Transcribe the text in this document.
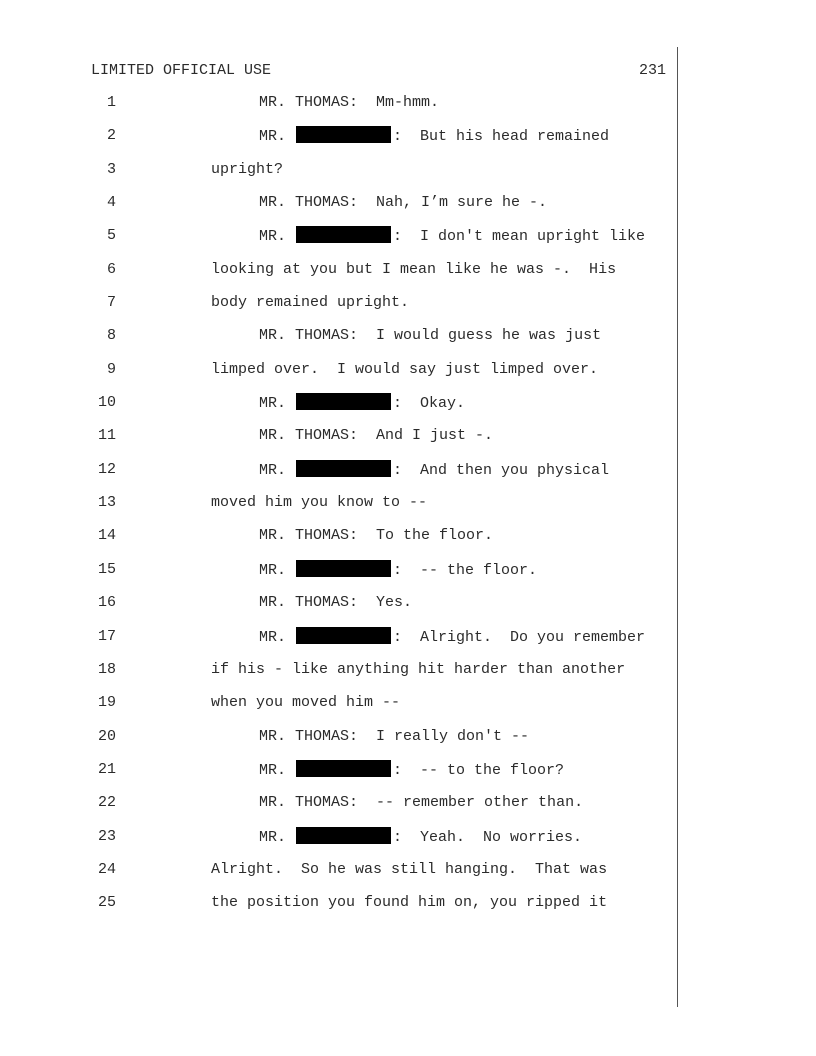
LIMITED OFFICIAL USE	231
1	MR. THOMAS:  Mm-hmm.
2	MR.	:  But his head remained
3	upright?
4	MR. THOMAS:  Nah, I’m sure he -.
5	MR.	:  I don't mean upright like
6	looking at you but I mean like he was -.  His
7	body remained upright.
8	MR. THOMAS:  I would guess he was just
9	limped over.  I would say just limped over.
10	MR.	:  Okay.
11	MR. THOMAS:  And I just -.
12	MR.	:  And then you physical
13	moved him you know to --
14	MR. THOMAS:  To the floor.
15	MR.	:  -- the floor.
16	MR. THOMAS:  Yes.
17	MR.	:  Alright.  Do you remember
18	if his - like anything hit harder than another
19	when you moved him --
20	MR. THOMAS:  I really don't --
21	MR.	:  -- to the floor?
22	MR. THOMAS:  -- remember other than.
23	MR.	:  Yeah.  No worries.
24	Alright.  So he was still hanging.  That was
25	the position you found him on, you ripped it
